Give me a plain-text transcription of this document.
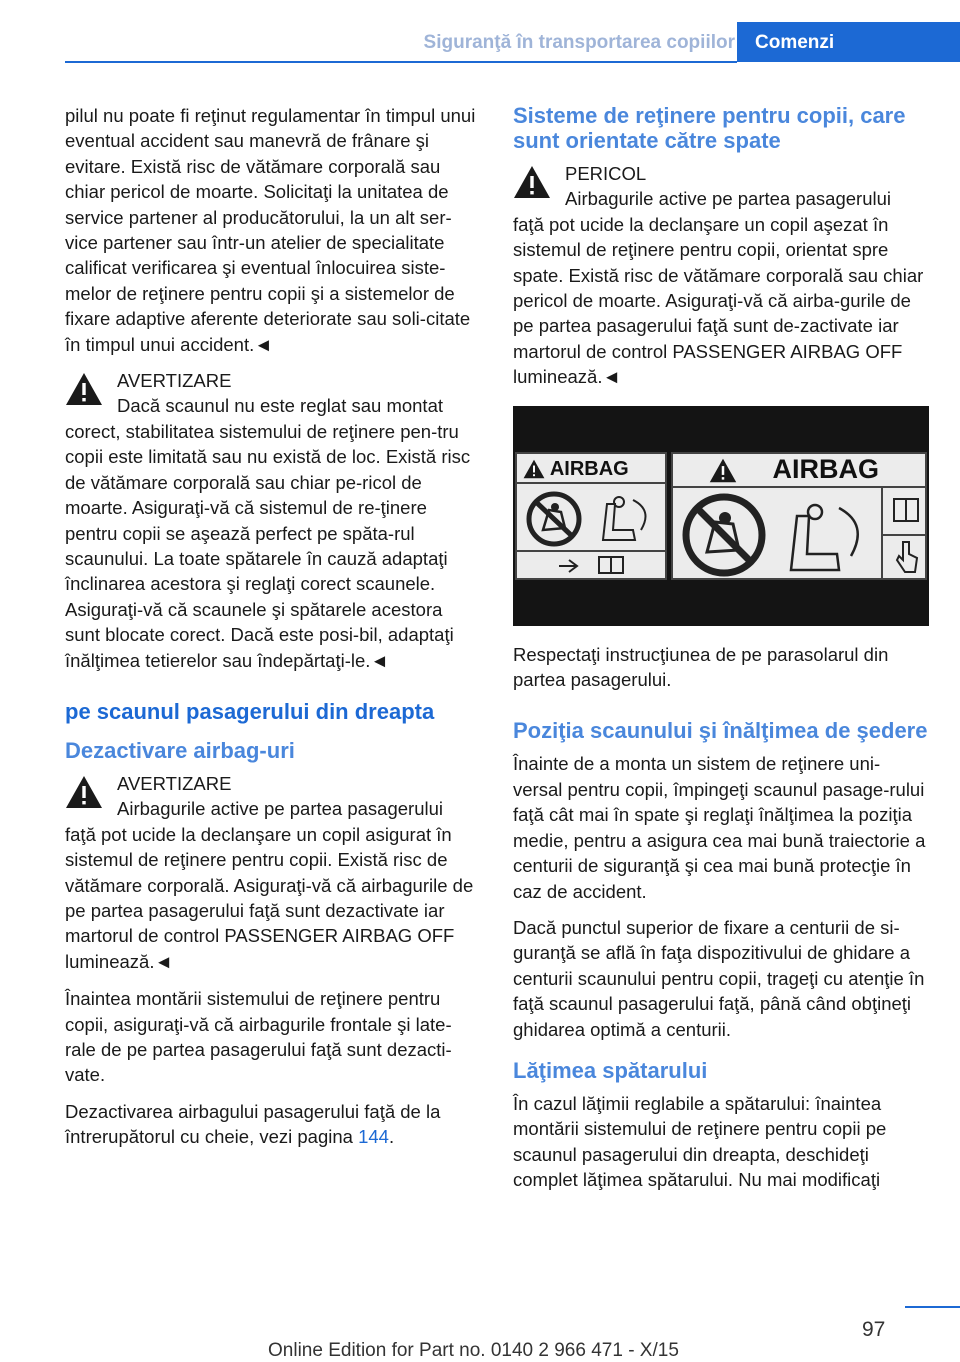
Siguranţă în transportarea copiilor	Comenzi

pilul nu poate fi reţinut regulamentar în timpul unui eventual accident sau manevră de frânare şi evitare. Există risc de vătămare corporală sau chiar pericol de moarte. Solicitaţi la unitatea de service partener al producătorului, la un alt ser‐vice partener sau într-un atelier de specialitate calificat verificarea şi eventual înlocuirea siste‐melor de reţinere pentru copii şi a sistemelor de fixare adaptive aferente deteriorate sau soli‐citate în timpul unui accident.◄

AVERTIZARE
Dacă scaunul nu este reglat sau montat
corect, stabilitatea sistemului de reţinere pen‐tru copii este limitată sau nu există de loc. Există risc de vătămare corporală sau chiar pe‐ricol de moarte. Asiguraţi-vă că sistemul de re‐ţinere pentru copii se aşează perfect pe spăta‐rul scaunului. La toate spătarele în cauză adaptaţi înclinarea acestora şi reglaţi corect scaunele. Asiguraţi-vă că scaunele şi spătarele acestora sunt blocate corect. Dacă este posi‐bil, adaptaţi înălţimea tetierelor sau îndepărtaţi-le.◄
pe scaunul pasagerului din dreapta
Dezactivare airbag-uri
AVERTIZARE
Airbagurile active pe partea pasagerului
faţă pot ucide la declanşare un copil asigurat în sistemul de reţinere pentru copii. Există risc de vătămare corporală. Asiguraţi-vă că airbagurile de pe partea pasagerului faţă sunt dezactivate iar martorul de control PASSENGER AIRBAG OFF luminează.◄

Înaintea montării sistemului de reţinere pentru copii, asiguraţi-vă că airbagurile frontale şi late‐rale de pe partea pasagerului faţă sunt dezacti‐vate.

Dezactivarea airbagului pasagerului faţă de la întrerupătorul cu cheie, vezi pagina 144.

Sisteme de reţinere pentru copii, care sunt orientate către spate
PERICOL
Airbagurile active pe partea pasagerului
faţă pot ucide la declanşare un copil aşezat în sistemul de reţinere pentru copii, orientat spre spate. Există risc de vătămare corporală sau chiar pericol de moarte. Asiguraţi-vă că airba‐gurile de pe partea pasagerului faţă sunt de‐zactivate iar martorul de control PASSENGER AIRBAG OFF luminează.◄
AIRBAG	AIRBAG

Respectaţi instrucţiunea de pe parasolarul din partea pasagerului.

Poziţia scaunului şi înălţimea de şedere

Înainte de a monta un sistem de reţinere uni‐versal pentru copii, împingeţi scaunul pasage‐rului faţă cât mai în spate şi reglaţi înălţimea la poziţia medie, pentru a asigura cea mai bună traiectorie a centurii de siguranţă şi cea mai bună protecţie în caz de accident.

Dacă punctul superior de fixare a centurii de si‐guranţă se află în faţa dispozitivului de ghidare a centurii scaunului pentru copii, trageţi cu atenţie în faţă scaunul pasagerului faţă, până când obţineţi ghidarea optimă a centurii.

Lăţimea spătarului

În cazul lăţimii reglabile a spătarului: înaintea montării sistemului de reţinere pentru copii pe scaunul pasagerului din dreapta, deschideţi complet lăţimea spătarului. Nu mai modificaţi

97
Online Edition for Part no. 0140 2 966 471 - X/15
